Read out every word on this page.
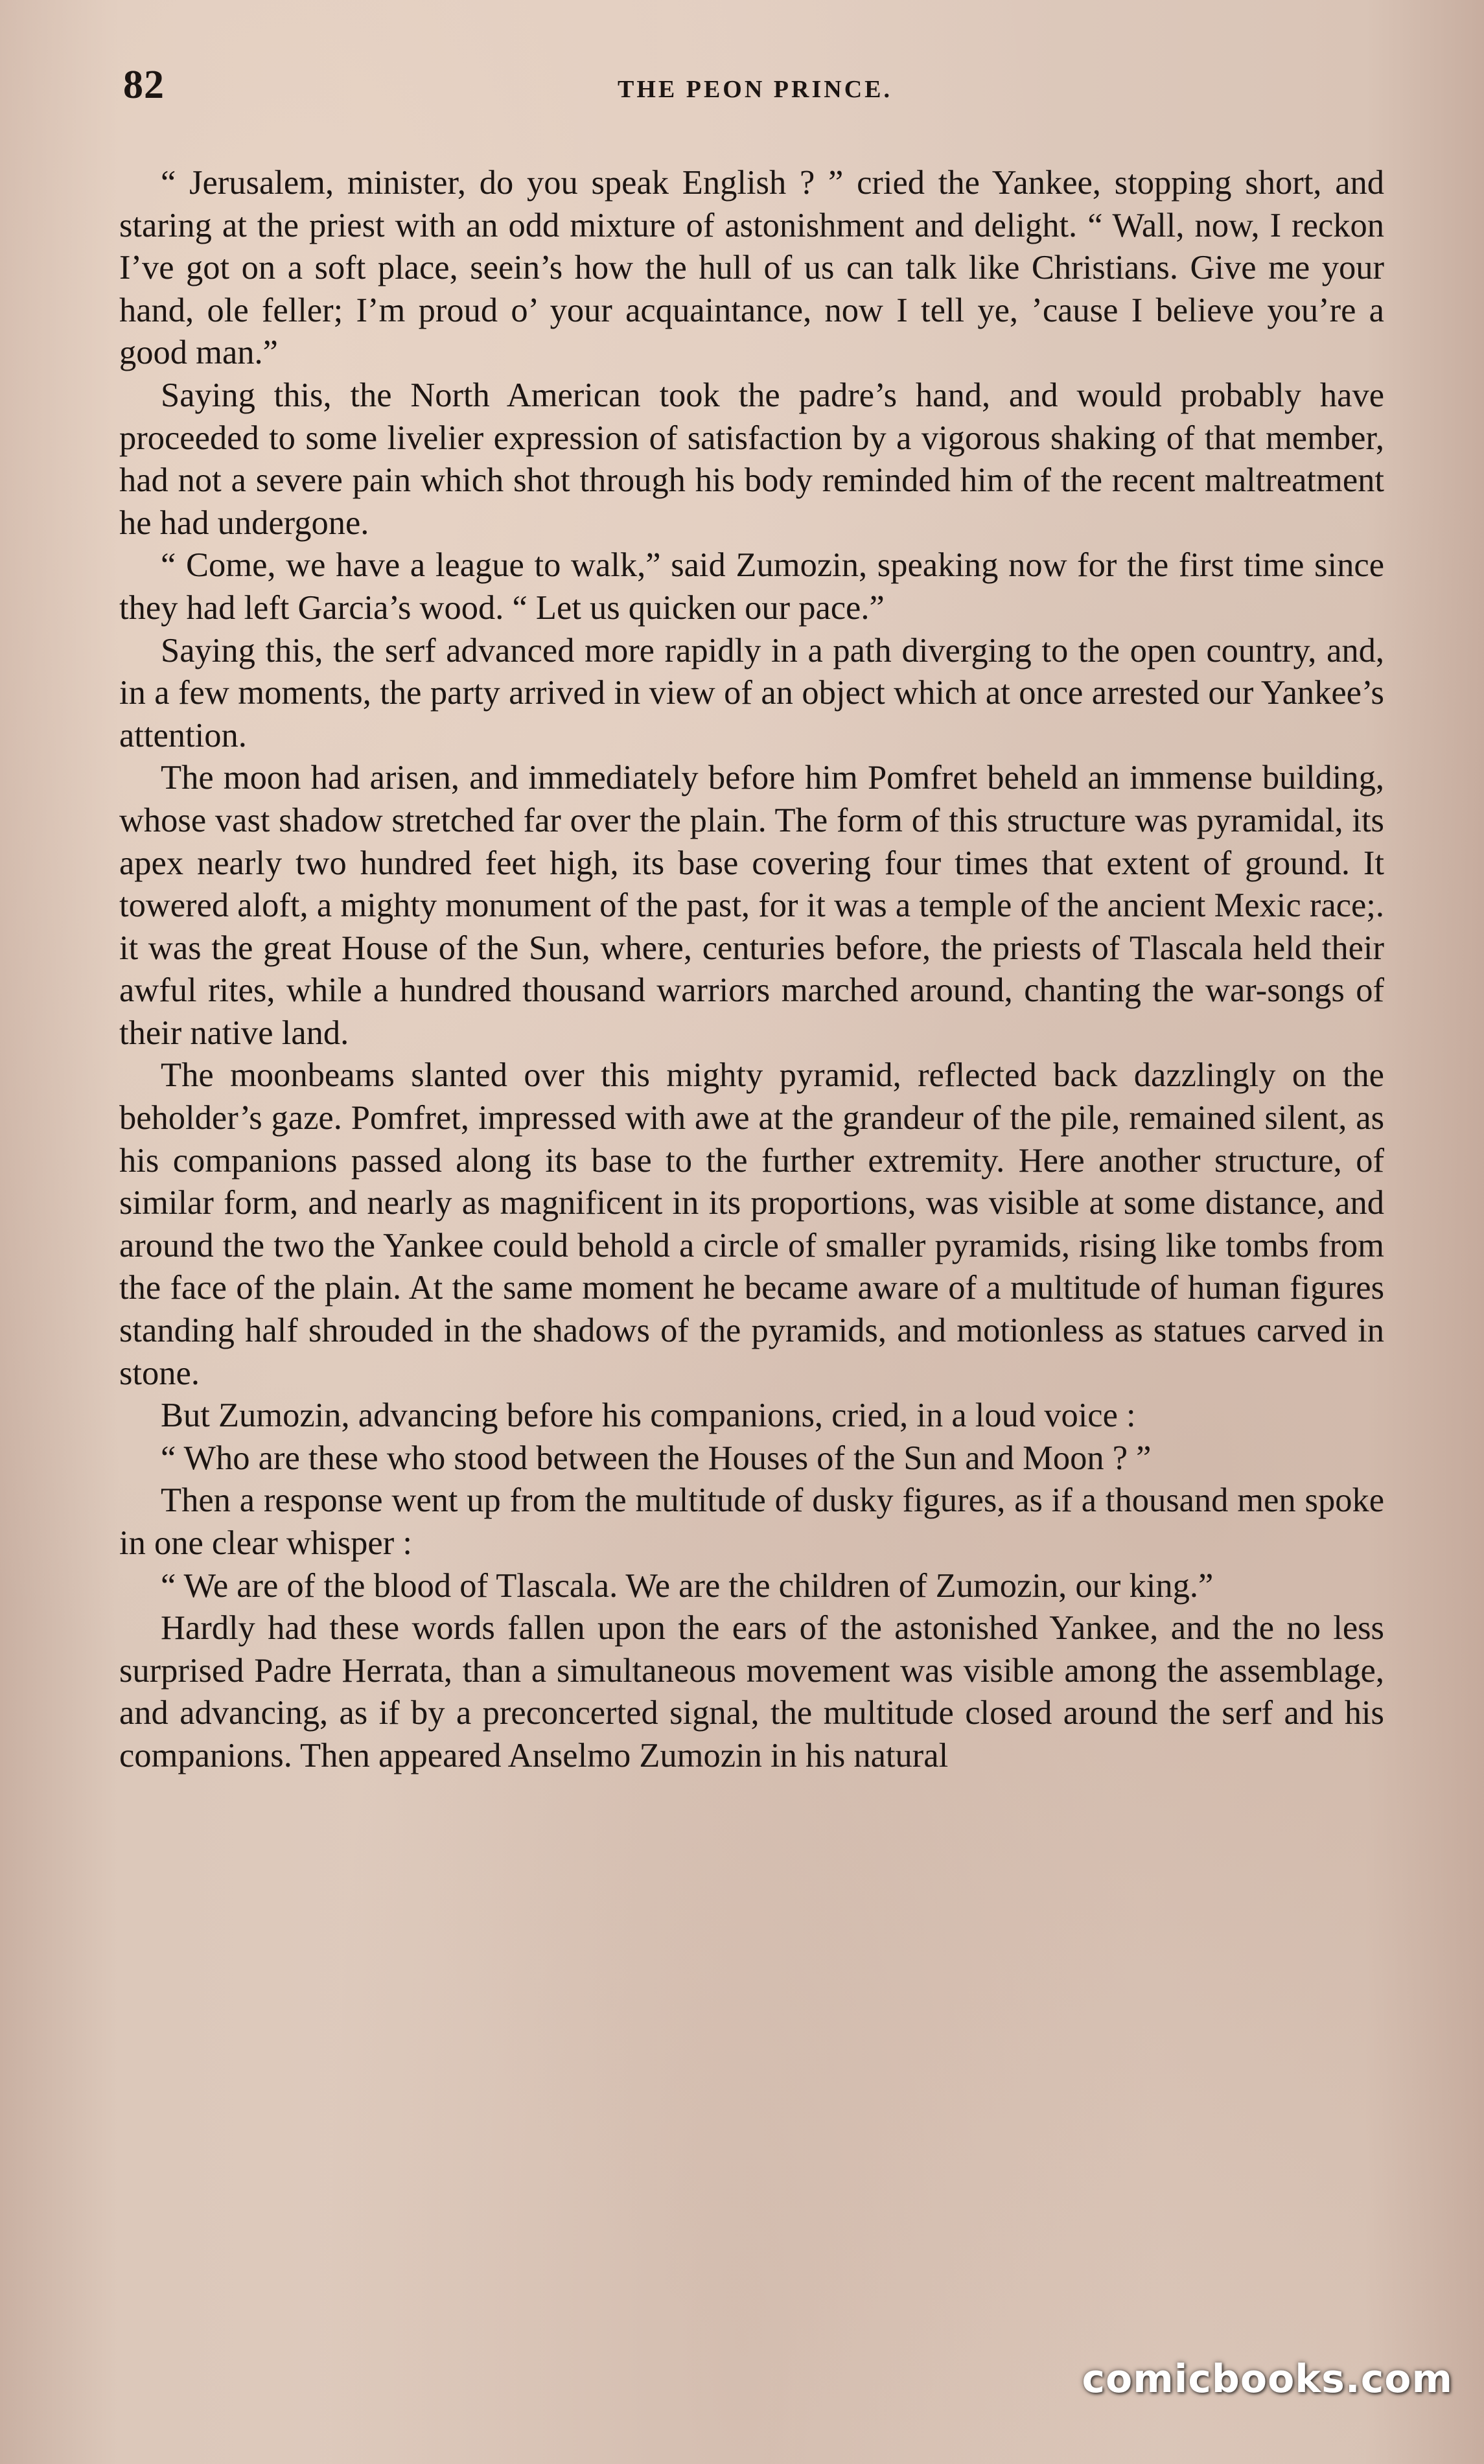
82	THE PEON PRINCE.

“ Jerusalem, minister, do you speak English ? ” cried the Yankee, stopping short, and staring at the priest with an odd mixture of astonishment and delight. “ Wall, now, I reckon I’ve got on a soft place, seein’s how the hull of us can talk like Christians. Give me your hand, ole feller; I’m proud o’ your acquaintance, now I tell ye, ’cause I believe you’re a good man.”

Saying this, the North American took the padre’s hand, and would probably have proceeded to some livelier expression of satisfaction by a vigorous shaking of that member, had not a severe pain which shot through his body reminded him of the recent maltreatment he had undergone.

“ Come, we have a league to walk,” said Zumozin, speaking now for the first time since they had left Garcia’s wood. “ Let us quicken our pace.”

Saying this, the serf advanced more rapidly in a path diverging to the open country, and, in a few moments, the party arrived in view of an object which at once arrested our Yankee’s attention.

The moon had arisen, and immediately before him Pomfret beheld an immense building, whose vast shadow stretched far over the plain. The form of this structure was pyramidal, its apex nearly two hundred feet high, its base covering four times that extent of ground. It towered aloft, a mighty monument of the past, for it was a temple of the ancient Mexic race;. it was the great House of the Sun, where, centuries before, the priests of Tlascala held their awful rites, while a hundred thousand warriors marched around, chanting the war-songs of their native land.

The moonbeams slanted over this mighty pyramid, reflected back dazzlingly on the beholder’s gaze. Pomfret, impressed with awe at the grandeur of the pile, remained silent, as his companions passed along its base to the further extremity. Here another structure, of similar form, and nearly as magnificent in its proportions, was visible at some distance, and around the two the Yankee could behold a circle of smaller pyramids, rising like tombs from the face of the plain. At the same moment he became aware of a multitude of human figures standing half shrouded in the shadows of the pyramids, and motionless as statues carved in stone.

But Zumozin, advancing before his companions, cried, in a loud voice :

“ Who are these who stood between the Houses of the Sun and Moon ? ”

Then a response went up from the multitude of dusky figures, as if a thousand men spoke in one clear whisper :

“ We are of the blood of Tlascala. We are the children of Zumozin, our king.”

Hardly had these words fallen upon the ears of the astonished Yankee, and the no less surprised Padre Herrata, than a simultaneous movement was visible among the assemblage, and advancing, as if by a preconcerted signal, the multitude closed around the serf and his companions. Then appeared Anselmo Zumozin in his natural

comicbooks.com
